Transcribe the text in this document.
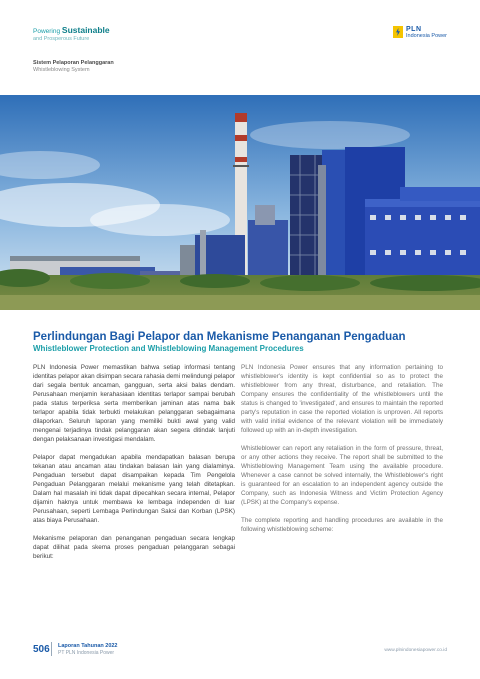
Powering Sustainable
and Prosperous Future
PLN
Indonesia Power
Sistem Pelaporan Pelanggaran
Whistleblowing System
Perlindungan Bagi Pelapor dan Mekanisme Penanganan Pengaduan
Whistleblower Protection and Whistleblowing Management Procedures

PLN Indonesia Power memastikan bahwa setiap informasi tentang identitas pelapor akan disimpan secara rahasia demi melindungi pelapor dari segala bentuk ancaman, gangguan, serta aksi balas dendam. Perusahaan menjamin kerahasiaan identitas terlapor sampai berubah pada status terperiksa serta memberikan jaminan atas nama baik terlapor apabila tidak terbukti melakukan pelanggaran sebagaimana dilaporkan. Seluruh laporan yang memiliki bukti awal yang valid mengenai terjadinya tindak pelanggaran akan segera ditindak lanjuti dengan pelaksanaan investigasi mendalam.

Pelapor dapat mengadukan apabila mendapatkan balasan berupa tekanan atau ancaman atau tindakan balasan lain yang dialaminya. Pengaduan tersebut dapat disampaikan kepada Tim Pengelola Pengaduan Pelanggaran melalui mekanisme yang telah ditetapkan. Dalam hal masalah ini tidak dapat dipecahkan secara internal, Pelapor dijamin haknya untuk membawa ke lembaga independen di luar Perusahaan, seperti Lembaga Perlindungan Saksi dan Korban (LPSK) atas biaya Perusahaan.

Mekanisme pelaporan dan penanganan pengaduan secara lengkap dapat dilihat pada skema proses pengaduan pelanggaran sebagai berikut:

PLN Indonesia Power ensures that any information pertaining to whistleblower's identity is kept confidential so as to protect the whistleblower from any threat, disturbance, and retaliation. The Company ensures the confidentiality of the whistleblowers until the status is changed to 'investigated', and ensures to maintain the reported party's reputation in case the reported violation is unproven. All reports with valid initial evidence of the relevant violation will be immediately followed up with an in-depth investigation.

Whistleblower can report any retaliation in the form of pressure, threat, or any other actions they receive. The report shall be submitted to the Whistleblowing Management Team using the available procedure. Whenever a case cannot be solved internally, the Whistleblower's right is guaranteed for an escalation to an independent agency outside the Company, such as Indonesia Witness and Victim Protection Agency (LPSK) at the Company's expense.

The complete reporting and handling procedures are available in the following whistleblowing scheme:

506 Laporan Tahunan 2022
PT PLN Indonesia Power	www.plnindonesiapower.co.id
